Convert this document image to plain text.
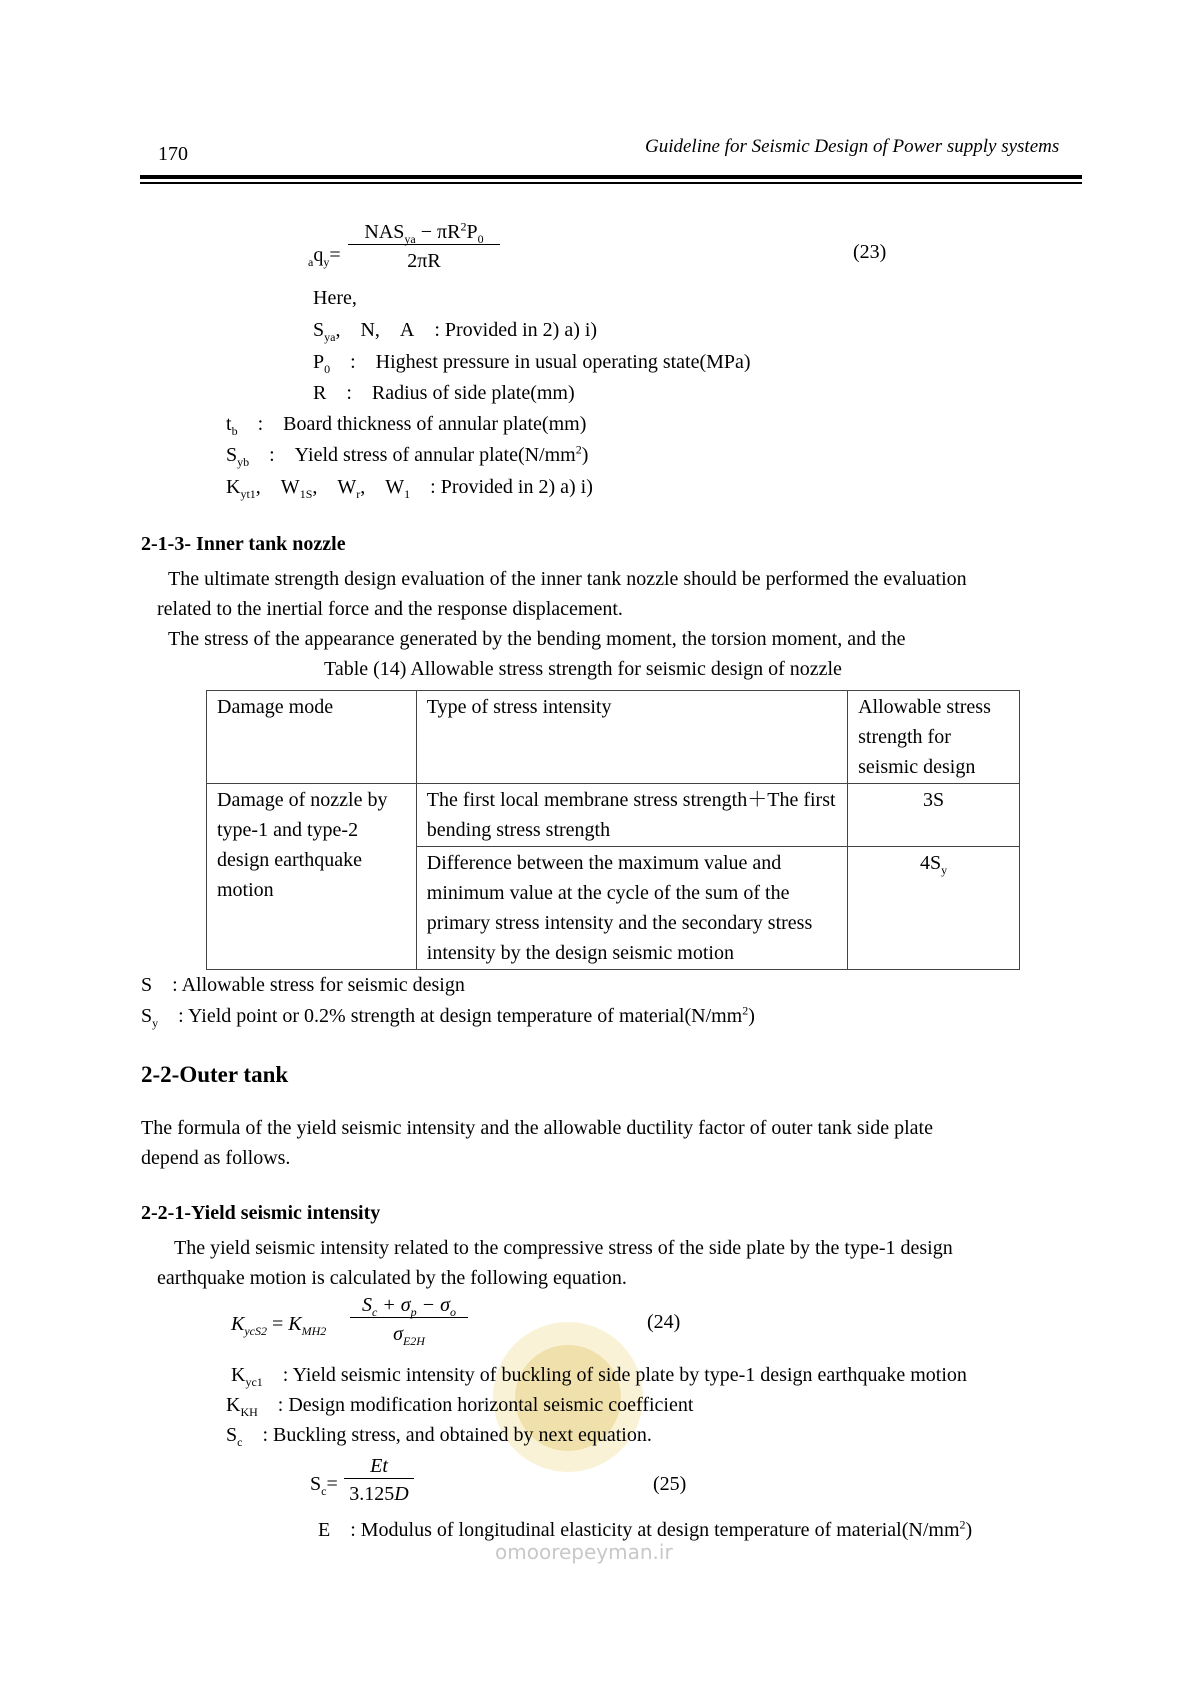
170	Guideline for Seismic Design of Power supply systems
$_aq_y=$
$NAS_{ya} - \pi R^2P_0$
2πR	(23)
Here,
$S_{ya}$, N, A : Provided in 2) a) i)
$P_0$ : Highest pressure in usual operating state(MPa)
R : Radius of side plate(mm)
$t_b$ : Board thickness of annular plate(mm)
$S_{yb}$ : Yield stress of annular $plate(N/mm^2)$
$K_{yt1}$, $W_{1S}$, $W_r$, $W_1$ : Provided in 2) a) i)
2-1-3- Inner tank nozzle
The ultimate strength design evaluation of the inner tank nozzle should be performed the evaluation
related to the inertial force and the response displacement.
The stress of the appearance generated by the bending moment, the torsion moment, and the
Table (14) Allowable stress strength for seismic design of nozzle
Damage mode	Type of stress intensity	Allowable stress strength for seismic design
Damage of nozzle by type-1 and type-2 design earthquake motion	The first local membrane stress strength＋The first bending stress strength	3S
	Difference between the maximum value and minimum value at the cycle of the sum of the primary stress intensity and the secondary stress intensity by the design seismic motion	$4S_y$
S : Allowable stress for seismic design
$S_y$ : Yield point or 0.2% strength at design temperature of $material(N/mm^2)$
2-2-Outer tank
The formula of the yield seismic intensity and the allowable ductility factor of outer tank side plate
depend as follows.
2-2-1-Yield seismic intensity
The yield seismic intensity related to the compressive stress of the side plate by the type-1 design
earthquake motion is calculated by the following equation.
$K_{ycS2} = K_{MH2}$
$S_c + \sigma_p - \sigma_o$
$\sigma_{E2H}$
(24)
$K_{yc1}$ : Yield seismic intensity of buckling of side plate by type-1 design earthquake motion
$K_{KH}$ : Design modification horizontal seismic coefficient
$S_c$ : Buckling stress, and obtained by next equation.
$S_c=$
Et
3.125D	(25)
E : Modulus of longitudinal elasticity at design temperature of $material(N/mm^2)$
omoorepeyman.ir
